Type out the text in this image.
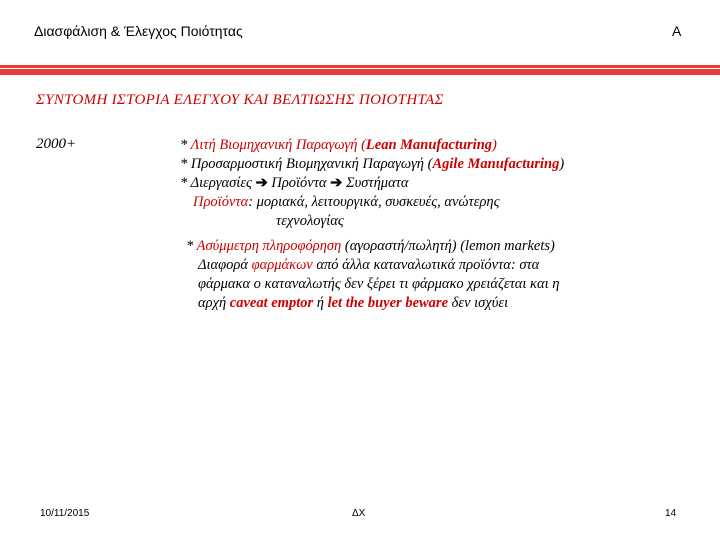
Διασφάλιση & Έλεγχος Ποιότητας	Α
ΣΥΝΤΟΜΗ ΙΣΤΟΡΙΑ ΕΛΕΓΧΟΥ ΚΑΙ ΒΕΛΤΙΩΣΗΣ ΠΟΙΟΤΗΤΑΣ
2000+	* Λιτή Βιομηχανική Παραγωγή (Lean Manufacturing)
* Προσαρμοστική Βιομηχανική Παραγωγή (Agile Manufacturing)
* Διεργασίες ➔ Προϊόντα ➔ Συστήματα
Προϊόντα: μοριακά, λειτουργικά, συσκευές, ανώτερης
τεχνολογίας
* Ασύμμετρη πληροφόρηση (αγοραστή/πωλητή) (lemon markets)
Διαφορά φαρμάκων από άλλα καταναλωτικά προϊόντα: στα
φάρμακα ο καταναλωτής δεν ξέρει τι φάρμακο χρειάζεται και η
αρχή caveat emptor ή let the buyer beware δεν ισχύει
10/11/2015	ΔΧ	14
